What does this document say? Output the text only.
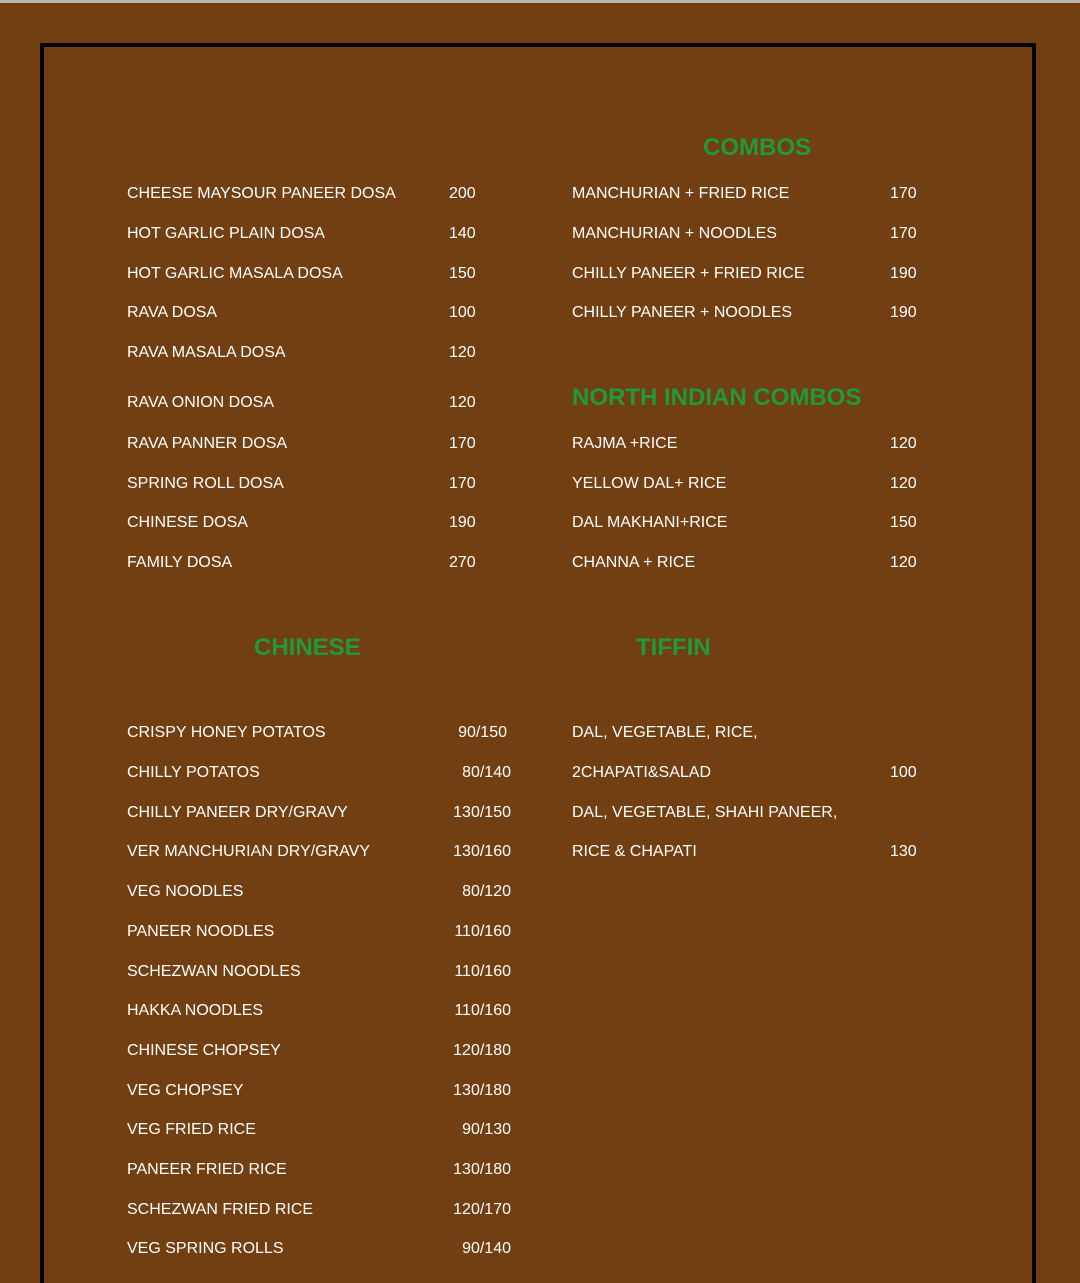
CHEESE MAYSOUR PANEER DOSA	200
HOT GARLIC PLAIN DOSA	140
HOT GARLIC MASALA DOSA	150
RAVA DOSA	100
RAVA MASALA DOSA	120
RAVA ONION DOSA	120
RAVA PANNER DOSA	170
SPRING ROLL DOSA	170
CHINESE DOSA	190
FAMILY DOSA	270
COMBOS
MANCHURIAN + FRIED RICE	170
MANCHURIAN + NOODLES	170
CHILLY PANEER + FRIED RICE	190
CHILLY PANEER + NOODLES	190
NORTH INDIAN COMBOS
RAJMA +RICE	120
YELLOW DAL+ RICE	120
DAL MAKHANI+RICE	150
CHANNA + RICE	120
CHINESE
CRISPY HONEY POTATOS	90/150
CHILLY POTATOS	80/140
CHILLY PANEER DRY/GRAVY	130/150
VER MANCHURIAN DRY/GRAVY	130/160
VEG NOODLES	80/120
PANEER NOODLES	110/160
SCHEZWAN NOODLES	110/160
HAKKA NOODLES	110/160
CHINESE CHOPSEY	120/180
VEG CHOPSEY	130/180
VEG FRIED RICE	90/130
PANEER FRIED RICE	130/180
SCHEZWAN FRIED RICE	120/170
VEG SPRING ROLLS	90/140
TIFFIN
DAL, VEGETABLE, RICE,
2CHAPATI&SALAD	100
DAL, VEGETABLE, SHAHI PANEER,
RICE & CHAPATI	130
